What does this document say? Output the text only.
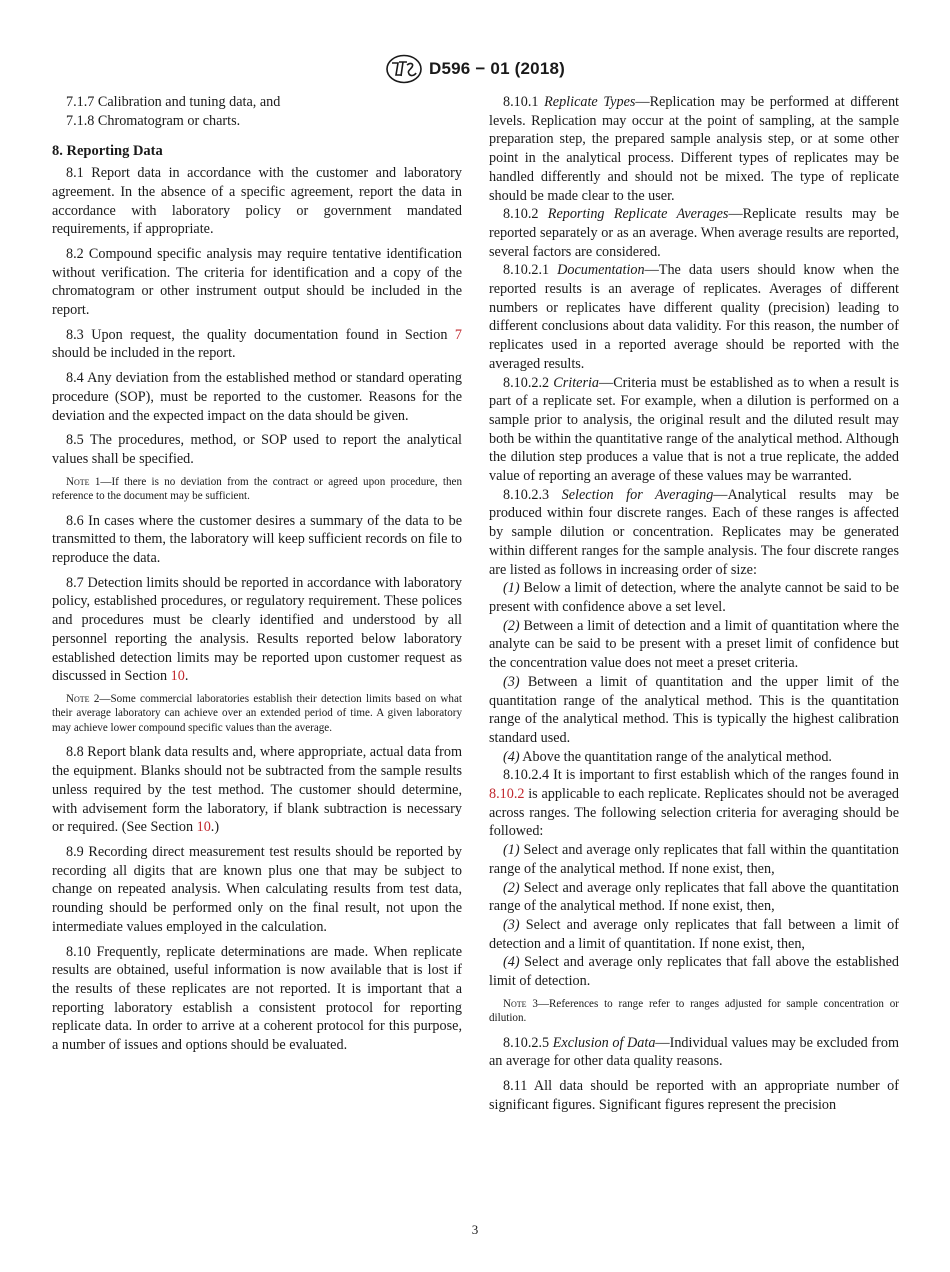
D596 − 01 (2018)

7.1.7 Calibration and tuning data, and

7.1.8 Chromatogram or charts.

8. Reporting Data

8.1 Report data in accordance with the customer and laboratory agreement. In the absence of a specific agreement, report the data in accordance with laboratory policy or government mandated requirements, if appropriate.

8.2 Compound specific analysis may require tentative identification without verification. The criteria for identification and a copy of the chromatogram or other instrument output should be included in the report.

8.3 Upon request, the quality documentation found in Section 7 should be included in the report.

8.4 Any deviation from the established method or standard operating procedure (SOP), must be reported to the customer. Reasons for the deviation and the expected impact on the data should be given.

8.5 The procedures, method, or SOP used to report the analytical values shall be specified.

Note 1—If there is no deviation from the contract or agreed upon procedure, then reference to the document may be sufficient.

8.6 In cases where the customer desires a summary of the data to be transmitted to them, the laboratory will keep sufficient records on file to reproduce the data.

8.7 Detection limits should be reported in accordance with laboratory policy, established procedures, or regulatory requirement. These polices and procedures must be clearly identified and understood by all personnel reporting the analysis. Results reported below laboratory established detection limits may be reported upon customer request as discussed in Section 10.

Note 2—Some commercial laboratories establish their detection limits based on what their average laboratory can achieve over an extended period of time. A given laboratory may achieve lower compound specific values than the average.

8.8 Report blank data results and, where appropriate, actual data from the equipment. Blanks should not be subtracted from the sample results unless required by the test method. The customer should determine, with advisement form the laboratory, if blank subtraction is necessary or required. (See Section 10.)

8.9 Recording direct measurement test results should be reported by recording all digits that are known plus one that may be subject to change on repeated analysis. When calculating results from test data, rounding should be performed only on the final result, not upon the intermediate values employed in the calculation.

8.10 Frequently, replicate determinations are made. When replicate results are obtained, useful information is now available that is lost if the results of these replicates are not reported. It is important that a reporting laboratory establish a consistent protocol for reporting replicate data. In order to arrive at a coherent protocol for this purpose, a number of issues and options should be evaluated.

8.10.1 Replicate Types—Replication may be performed at different levels. Replication may occur at the point of sampling, at the sample preparation step, the prepared sample analysis step, or at some other point in the analytical process. Different types of replicates may be handled differently and should not be mixed. The type of replicate should be made clear to the user.

8.10.2 Reporting Replicate Averages—Replicate results may be reported separately or as an average. When average results are reported, several factors are considered.

8.10.2.1 Documentation—The data users should know when the reported results is an average of replicates. Averages of different numbers or replicates have different quality (precision) leading to different conclusions about data validity. For this reason, the number of replicates used in a reported average should be reported with the averaged results.

8.10.2.2 Criteria—Criteria must be established as to when a result is part of a replicate set. For example, when a dilution is performed on a sample prior to analysis, the original result and the diluted result may both be within the quantitative range of the analytical method. Although the dilution step produces a value that is not a true replicate, the added value of reporting an average of these values may be warranted.

8.10.2.3 Selection for Averaging—Analytical results may be produced within four discrete ranges. Each of these ranges is affected by sample dilution or concentration. Replicates may be generated within different ranges for the sample analysis. The four discrete ranges are listed as follows in increasing order of size:

(1) Below a limit of detection, where the analyte cannot be said to be present with confidence above a set level.

(2) Between a limit of detection and a limit of quantitation where the analyte can be said to be present with a preset limit of confidence but the concentration value does not meet a preset criteria.

(3) Between a limit of quantitation and the upper limit of the quantitation range of the analytical method. This is the quantitation range of the analytical method. This is typically the highest calibration standard used.

(4) Above the quantitation range of the analytical method.

8.10.2.4 It is important to first establish which of the ranges found in 8.10.2 is applicable to each replicate. Replicates should not be averaged across ranges. The following selection criteria for averaging should be followed:

(1) Select and average only replicates that fall within the quantitation range of the analytical method. If none exist, then,

(2) Select and average only replicates that fall above the quantitation range of the analytical method. If none exist, then,

(3) Select and average only replicates that fall between a limit of detection and a limit of quantitation. If none exist, then,

(4) Select and average only replicates that fall above the established limit of detection.

Note 3—References to range refer to ranges adjusted for sample concentration or dilution.

8.10.2.5 Exclusion of Data—Individual values may be excluded from an average for other data quality reasons.

8.11 All data should be reported with an appropriate number of significant figures. Significant figures represent the precision

3
